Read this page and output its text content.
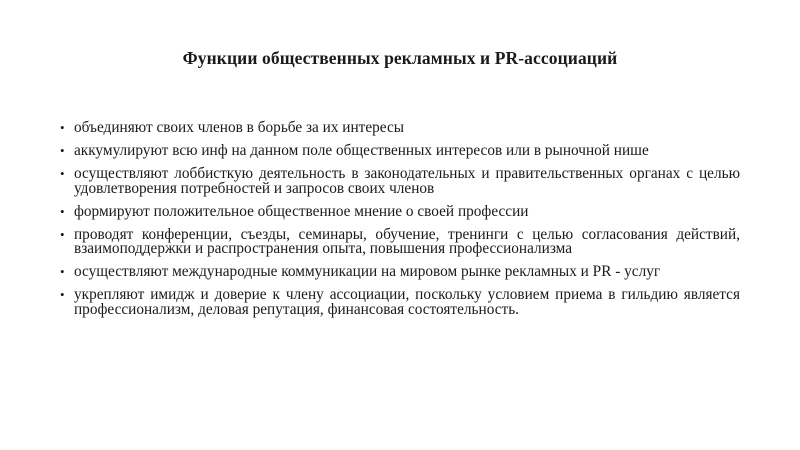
Функции общественных рекламных и PR-ассоциаций
• объединяют своих членов в борьбе за их интересы
• аккумулируют всю инф на данном поле общественных интересов или в рыночной нише
• осуществляют лоббисткую деятельность в законодательных и правительственных органах с целью удовлетворения потребностей и запросов своих членов
• формируют положительное общественное мнение о своей профессии
• проводят конференции, съезды, семинары, обучение, тренинги с целью согласования действий, взаимоподдержки и распространения опыта, повышения профессионализма
• осуществляют международные коммуникации на мировом рынке рекламных и PR - услуг
• укрепляют имидж и доверие к члену ассоциации, поскольку условием приема в гильдию является профессионализм, деловая репутация, финансовая состоятельность.
